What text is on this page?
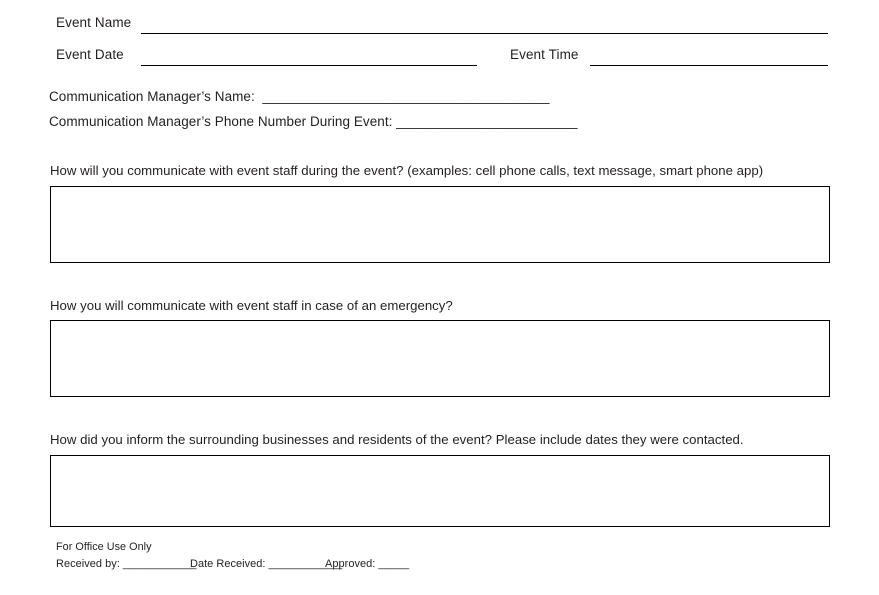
Event Name
Event Date	Event Time
Communication Manager’s Name:  ______________________________________
Communication Manager’s Phone Number During Event: ________________________
How will you communicate with event staff during the event? (examples: cell phone calls, text message, smart phone app)
How you will communicate with event staff in case of an emergency?
How did you inform the surrounding businesses and residents of the event? Please include dates they were contacted.
For Office Use Only
Received by: ____________
Date Received: ____________
Approved: _____
